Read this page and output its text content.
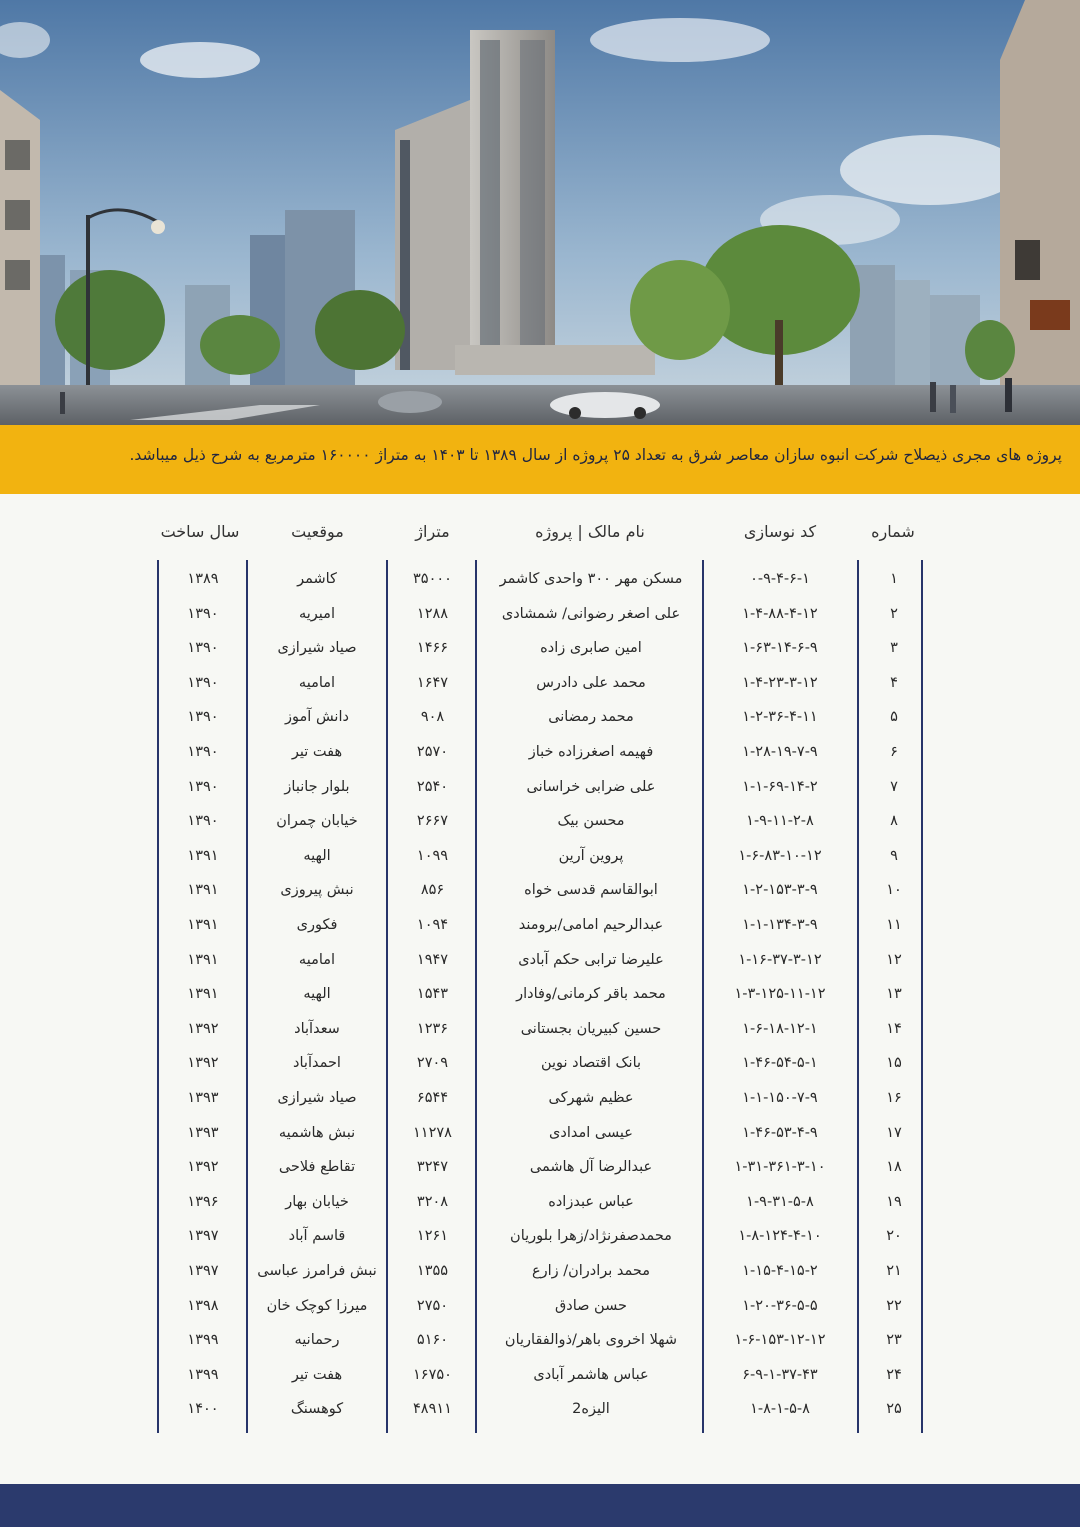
پروژه های مجری ذیصلاح شرکت انبوه سازان معاصر شرق به تعداد ۲۵ پروژه از سال ۱۳۸۹ تا ۱۴۰۳ به متراژ ۱۶۰۰۰۰ مترمربع به شرح ذیل میباشد.
شماره
کد نوسازی
نام مالک | پروژه
متراژ
موقعیت
سال ساخت
۱
۰-۹-۴-۶-۱
مسکن مهر ۳۰۰ واحدی کاشمر
۳۵۰۰۰
کاشمر
۱۳۸۹
۲
۱-۴-۸۸-۴-۱۲
علی اصغر رضوانی/ شمشادی
۱۲۸۸
امیریه
۱۳۹۰
۳
۱-۶۳-۱۴-۶-۹
امین صابری زاده
۱۴۶۶
صیاد شیرازی
۱۳۹۰
۴
۱-۴-۲۳-۳-۱۲
محمد علی دادرس
۱۶۴۷
امامیه
۱۳۹۰
۵
۱-۲-۳۶-۴-۱۱
محمد رمضانی
۹۰۸
دانش آموز
۱۳۹۰
۶
۱-۲۸-۱۹-۷-۹
فهیمه اصغرزاده خباز
۲۵۷۰
هفت تیر
۱۳۹۰
۷
۱-۱-۶۹-۱۴-۲
علی ضرابی خراسانی
۲۵۴۰
بلوار جانباز
۱۳۹۰
۸
۱-۹-۱۱-۲-۸
محسن بیک
۲۶۶۷
خیابان چمران
۱۳۹۰
۹
۱-۶-۸۳-۱۰-۱۲
پروین آرین
۱۰۹۹
الهیه
۱۳۹۱
۱۰
۱-۲-۱۵۳-۳-۹
ابوالقاسم قدسی خواه
۸۵۶
نبش پیروزی
۱۳۹۱
۱۱
۱-۱-۱۳۴-۳-۹
عبدالرحیم امامی/برومند
۱۰۹۴
فکوری
۱۳۹۱
۱۲
۱-۱۶-۳۷-۳-۱۲
علیرضا ترابی حکم آبادی
۱۹۴۷
امامیه
۱۳۹۱
۱۳
۱-۳-۱۲۵-۱۱-۱۲
محمد باقر کرمانی/وفادار
۱۵۴۳
الهیه
۱۳۹۱
۱۴
۱-۶-۱۸-۱۲-۱
حسین کبیریان بجستانی
۱۲۳۶
سعدآباد
۱۳۹۲
۱۵
۱-۴۶-۵۴-۵-۱
بانک اقتصاد نوین
۲۷۰۹
احمدآباد
۱۳۹۲
۱۶
۱-۱-۱۵۰-۷-۹
عظیم شهرکی
۶۵۴۴
صیاد شیرازی
۱۳۹۳
۱۷
۱-۴۶-۵۳-۴-۹
عیسی امدادی
۱۱۲۷۸
نبش هاشمیه
۱۳۹۳
۱۸
۱-۳۱-۳۶۱-۳-۱۰
عبدالرضا آل هاشمی
۳۲۴۷
تقاطع فلاحی
۱۳۹۲
۱۹
۱-۹-۳۱-۵-۸
عباس عبدزاده
۳۲۰۸
خیابان بهار
۱۳۹۶
۲۰
۱-۸-۱۲۴-۴-۱۰
محمدصفرنژاد/زهرا بلوریان
۱۲۶۱
قاسم آباد
۱۳۹۷
۲۱
۱-۱۵-۴-۱۵-۲
محمد برادران/ زارع
۱۳۵۵
نبش فرامرز عباسی
۱۳۹۷
۲۲
۱-۲۰-۳۶-۵-۵
حسن صادق
۲۷۵۰
میرزا کوچک خان
۱۳۹۸
۲۳
۱-۶-۱۵۳-۱۲-۱۲
شهلا اخروی باهر/ذوالفقاریان
۵۱۶۰
رحمانیه
۱۳۹۹
۲۴
۶-۹-۱-۳۷-۴۳
عباس هاشمر آبادی
۱۶۷۵۰
هفت تیر
۱۳۹۹
۲۵
۱-۸-۱-۵-۸
الیزه2
۴۸۹۱۱
کوهسنگ
۱۴۰۰
